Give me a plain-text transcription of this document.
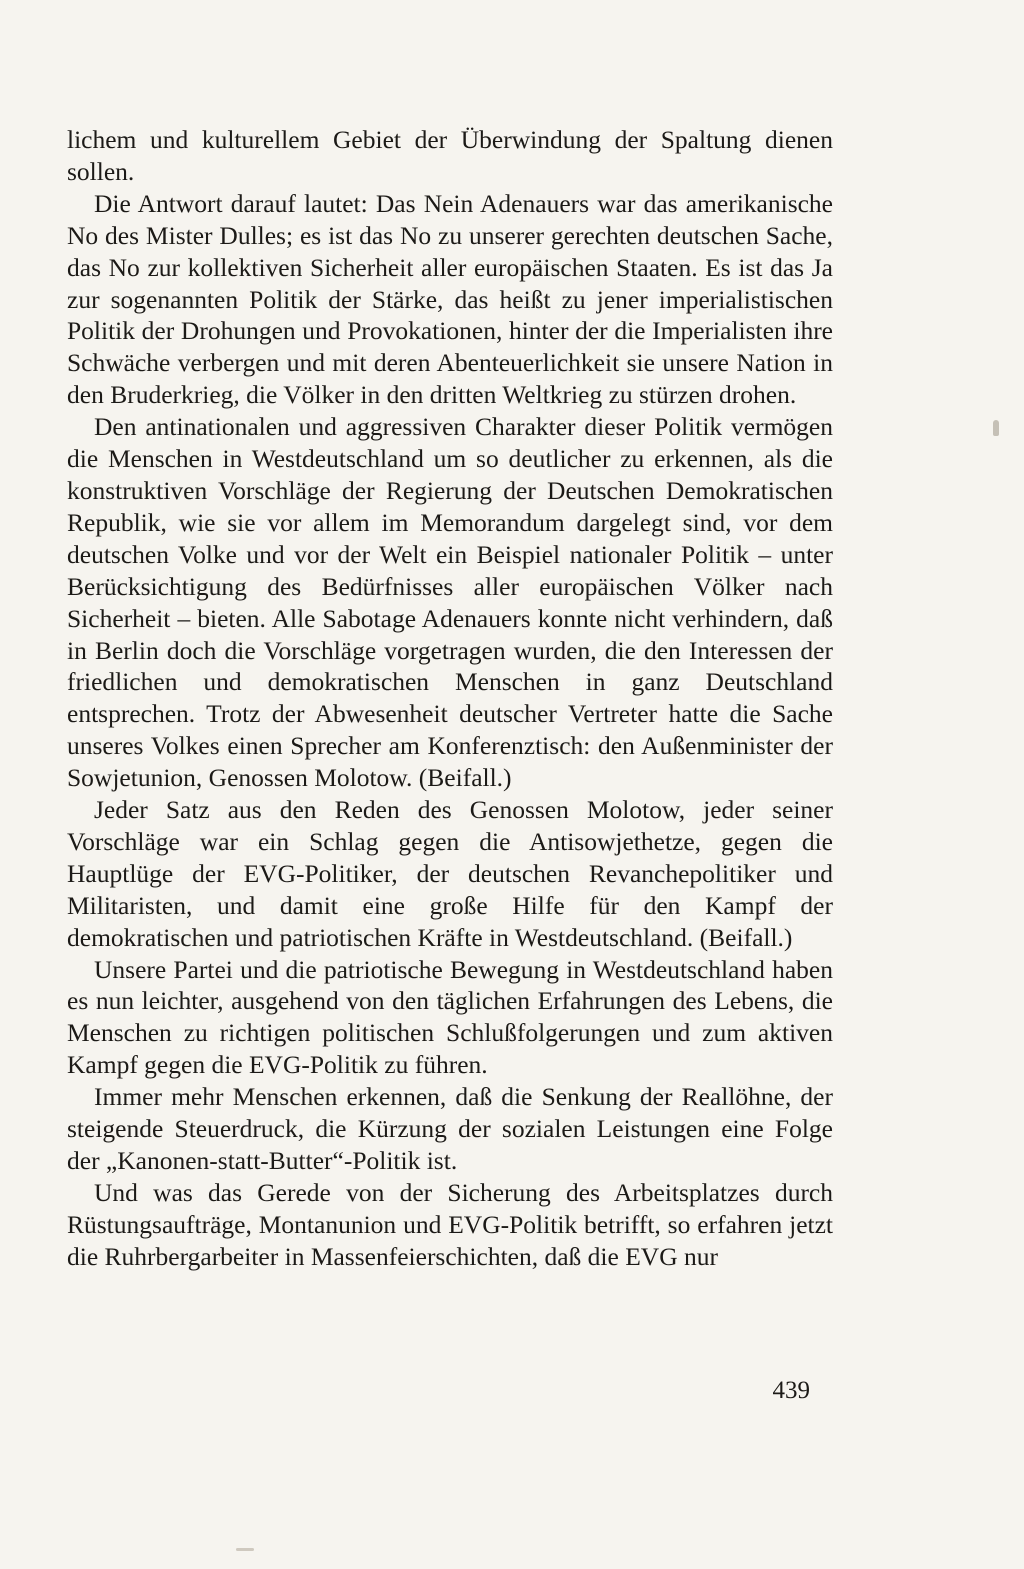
lichem und kulturellem Gebiet der Überwindung der Spaltung dienen sollen.

Die Antwort darauf lautet: Das Nein Adenauers war das amerikanische No des Mister Dulles; es ist das No zu unserer gerechten deutschen Sache, das No zur kollektiven Sicherheit aller europäischen Staaten. Es ist das Ja zur sogenannten Politik der Stärke, das heißt zu jener imperialistischen Politik der Drohungen und Provokationen, hinter der die Imperialisten ihre Schwäche verbergen und mit deren Abenteuerlichkeit sie unsere Nation in den Bruderkrieg, die Völker in den dritten Weltkrieg zu stürzen drohen.

Den antinationalen und aggressiven Charakter dieser Politik vermögen die Menschen in Westdeutschland um so deutlicher zu erkennen, als die konstruktiven Vorschläge der Regierung der Deutschen Demokratischen Republik, wie sie vor allem im Memorandum dargelegt sind, vor dem deutschen Volke und vor der Welt ein Beispiel nationaler Politik – unter Berücksichtigung des Bedürfnisses aller europäischen Völker nach Sicherheit – bieten. Alle Sabotage Adenauers konnte nicht verhindern, daß in Berlin doch die Vorschläge vorgetragen wurden, die den Interessen der friedlichen und demokratischen Menschen in ganz Deutschland entsprechen. Trotz der Abwesenheit deutscher Vertreter hatte die Sache unseres Volkes einen Sprecher am Konferenztisch: den Außenminister der Sowjetunion, Genossen Molotow. (Beifall.)

Jeder Satz aus den Reden des Genossen Molotow, jeder seiner Vorschläge war ein Schlag gegen die Antisowjethetze, gegen die Hauptlüge der EVG-Politiker, der deutschen Revanchepolitiker und Militaristen, und damit eine große Hilfe für den Kampf der demokratischen und patriotischen Kräfte in Westdeutschland. (Beifall.)

Unsere Partei und die patriotische Bewegung in Westdeutschland haben es nun leichter, ausgehend von den täglichen Erfahrungen des Lebens, die Menschen zu richtigen politischen Schlußfolgerungen und zum aktiven Kampf gegen die EVG-Politik zu führen.

Immer mehr Menschen erkennen, daß die Senkung der Reallöhne, der steigende Steuerdruck, die Kürzung der sozialen Leistungen eine Folge der „Kanonen-statt-Butter“-Politik ist.

Und was das Gerede von der Sicherung des Arbeitsplatzes durch Rüstungsaufträge, Montanunion und EVG-Politik betrifft, so erfahren jetzt die Ruhrbergarbeiter in Massenfeierschichten, daß die EVG nur

439
